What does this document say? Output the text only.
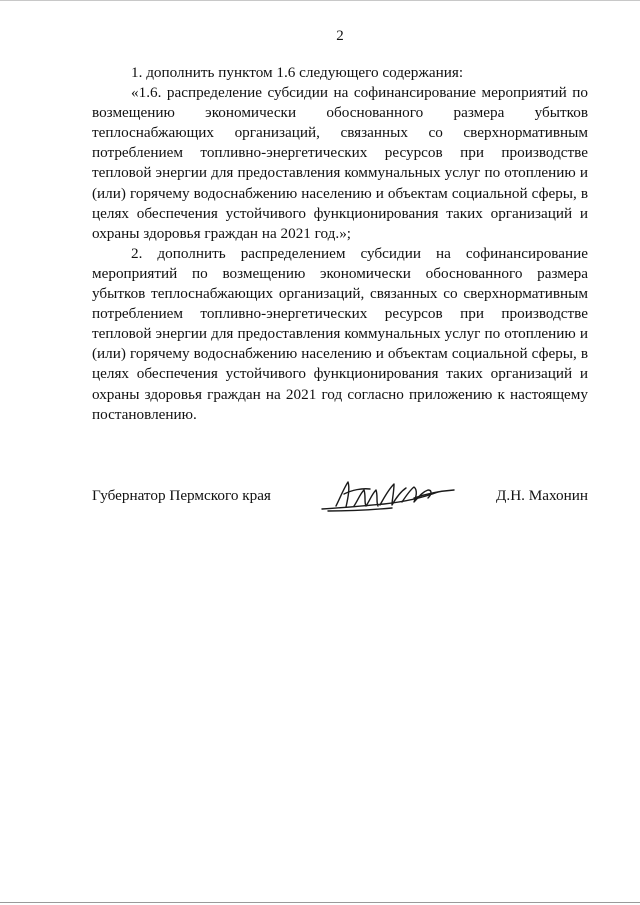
2

1. дополнить пунктом 1.6 следующего содержания:

«1.6. распределение субсидии на софинансирование мероприятий по возмещению экономически обоснованного размера убытков теплоснабжающих организаций, связанных со сверхнормативным потреблением топливно-энергетических ресурсов при производстве тепловой энергии для предоставления коммунальных услуг по отоплению и (или) горячему водоснабжению населению и объектам социальной сферы, в целях обеспечения устойчивого функционирования таких организаций и охраны здоровья граждан на 2021 год.»;

2. дополнить распределением субсидии на софинансирование мероприятий по возмещению экономически обоснованного размера убытков теплоснабжающих организаций, связанных со сверхнормативным потреблением топливно-энергетических ресурсов при производстве тепловой энергии для предоставления коммунальных услуг по отоплению и (или) горячему водоснабжению населению и объектам социальной сферы, в целях обеспечения устойчивого функционирования таких организаций и охраны здоровья граждан на 2021 год согласно приложению к настоящему постановлению.

Губернатор Пермского края	Д.Н. Махонин
